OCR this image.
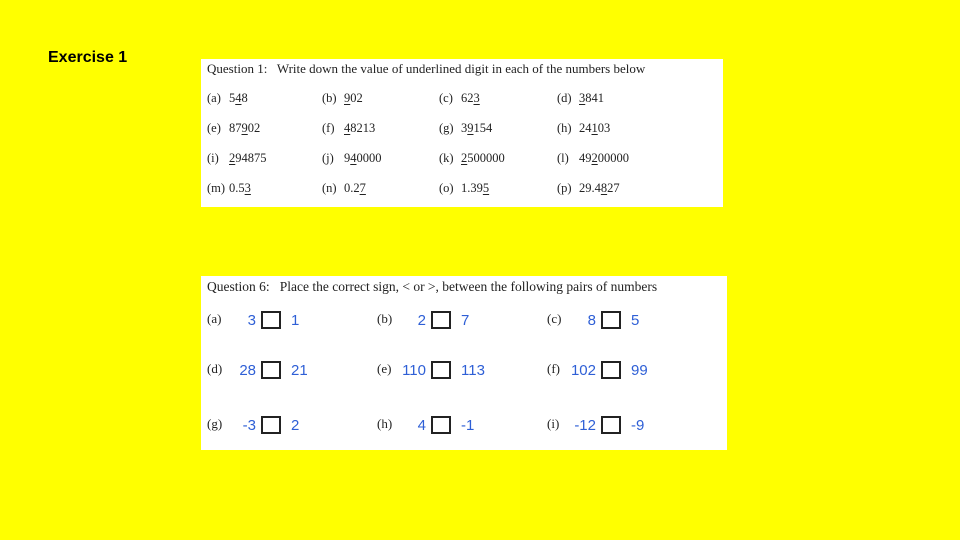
Exercise 1
Question 1: Write down the value of underlined digit in each of the numbers below
(a) 548	(b) 902	(c) 623	(d) 3841
(e) 87902	(f) 48213	(g) 39154	(h) 24103
(i) 294875	(j) 940000	(k) 2500000	(l) 49200000
(m) 0.53	(n) 0.27	(o) 1.395	(p) 29.4827
Question 6: Place the correct sign, < or >, between the following pairs of numbers
(a) 3 1	(b) 2 7	(c) 8 5
(d) 28 21	(e) 110 113	(f) 102 99
(g) -3 2	(h) 4 -1	(i) -12 -9
